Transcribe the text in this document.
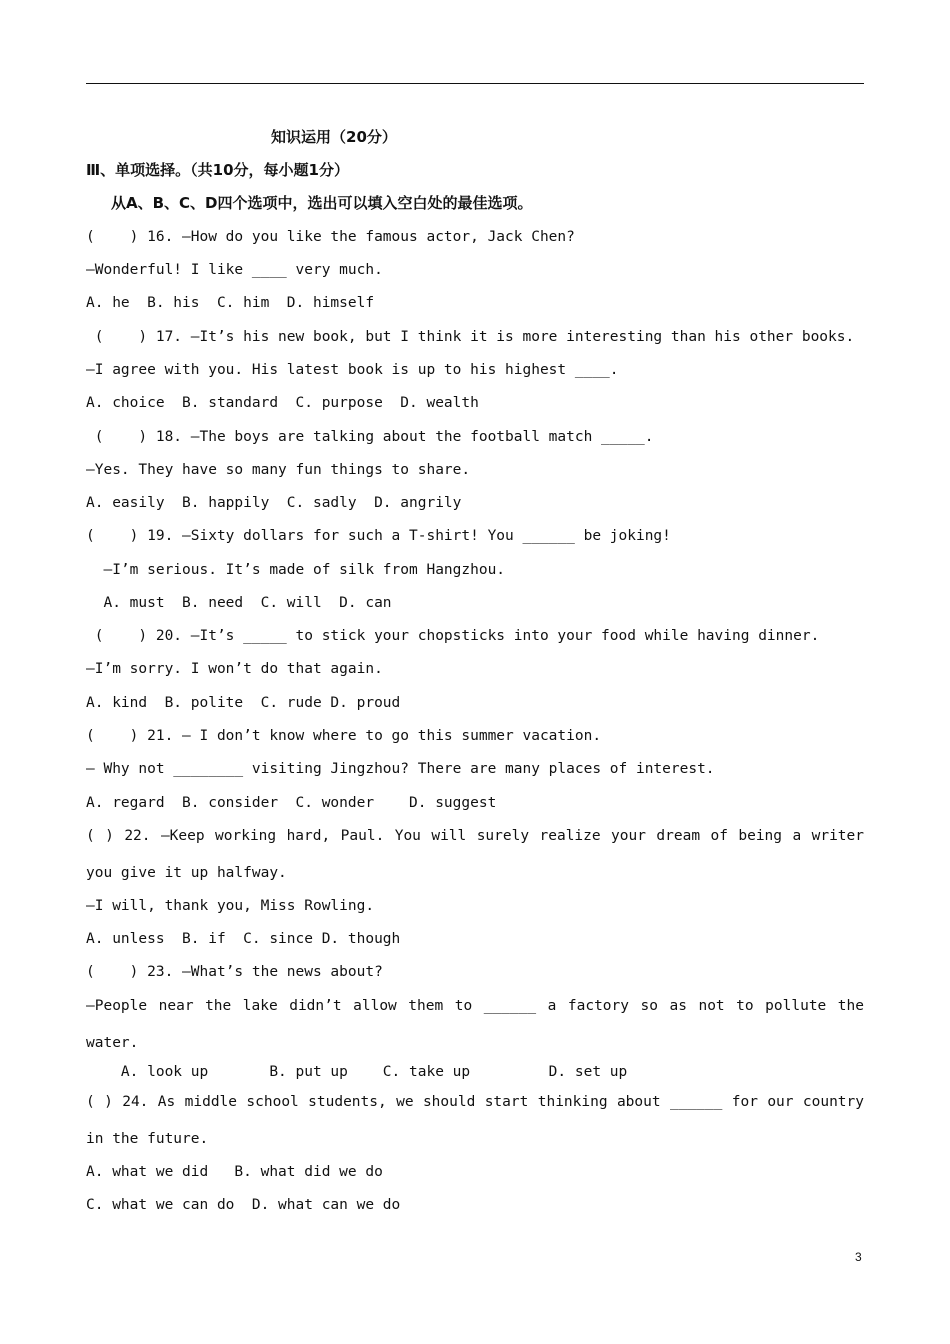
知识运用（20分）
Ⅲ、单项选择。（共10分，每小题1分）
从A、B、C、D四个选项中，选出可以填入空白处的最佳选项。
(    ) 16. —How do you like the famous actor, Jack Chen?
—Wonderful! I like ____ very much.
A. he  B. his  C. him  D. himself
(    ) 17. —It’s his new book, but I think it is more interesting than his other books.
—I agree with you. His latest book is up to his highest ____.
A. choice  B. standard  C. purpose  D. wealth
(    ) 18. —The boys are talking about the football match _____.
—Yes. They have so many fun things to share.
A. easily  B. happily  C. sadly  D. angrily
(    ) 19. —Sixty dollars for such a T-shirt! You ______ be joking!
—I’m serious. It’s made of silk from Hangzhou.
A. must  B. need  C. will  D. can
(    ) 20. —It’s _____ to stick your chopsticks into your food while having dinner.
—I’m sorry. I won’t do that again.
A. kind  B. polite  C. rude D. proud
(    ) 21. — I don’t know where to go this summer vacation.
— Why not ________ visiting Jingzhou? There are many places of interest.
A. regard  B. consider  C. wonder    D. suggest
( ) 22. —Keep working hard, Paul. You will surely realize your dream of being a writer
you give it up halfway.
—I will, thank you, Miss Rowling.
A. unless  B. if  C. since D. though
(    ) 23. —What’s the news about?
—People near the lake didn’t allow them to ______ a factory so as not to pollute the
water.
A. look up       B. put up    C. take up         D. set up
( ) 24. As middle school students, we should start thinking about ______ for our country
in the future.
A. what we did   B. what did we do
C. what we can do  D. what can we do
3
